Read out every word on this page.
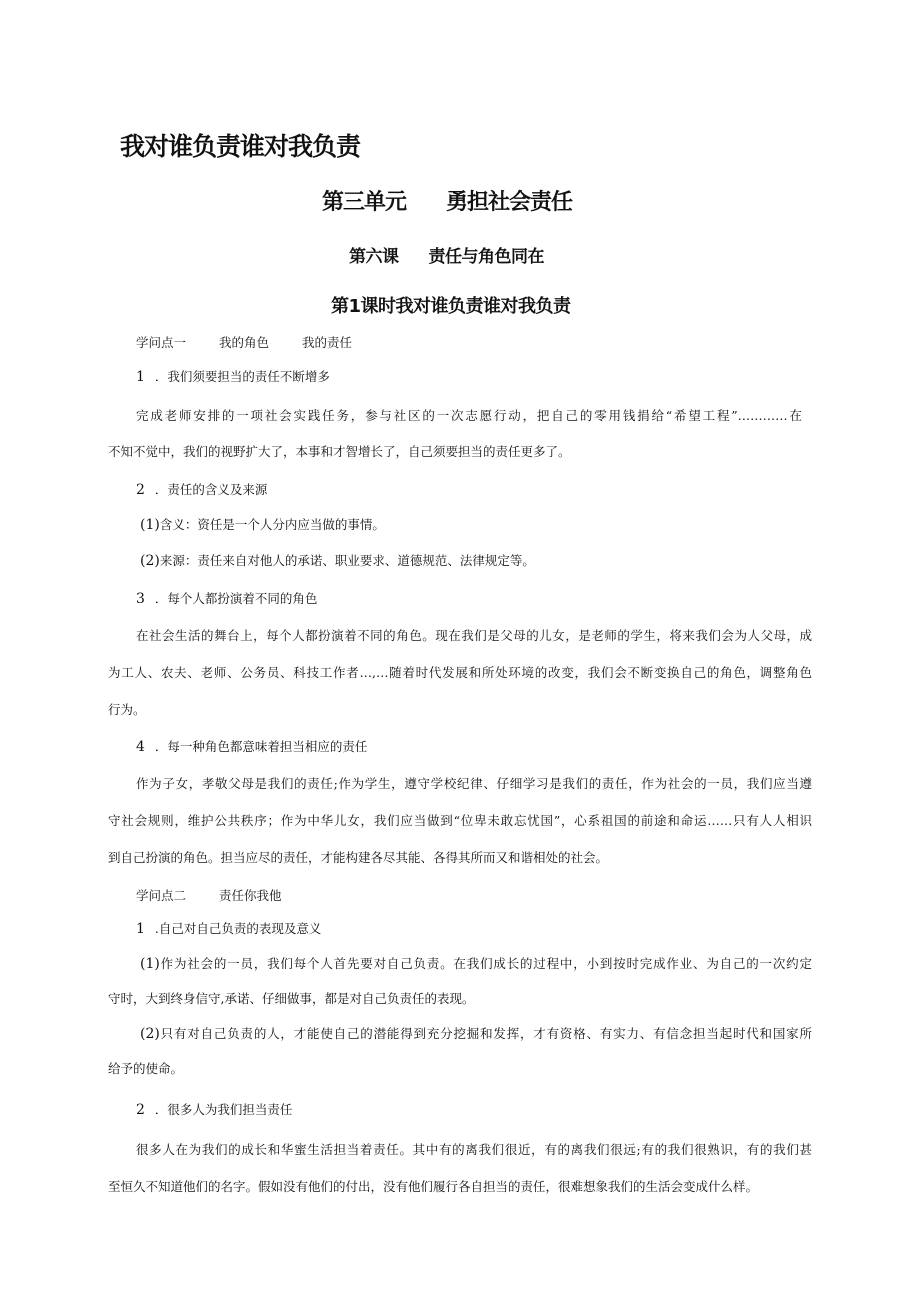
我对谁负责谁对我负责
第三单元 勇担社会责任
第六课 责任与角色同在
第1课时我对谁负责谁对我负责
学问点一	我的角色	我的责任
1 ．我们须要担当的责任不断增多
完成老师安排的一项社会实践任务，参与社区的一次志愿行动，把自己的零用钱捐给“希望工程”…………在
不知不觉中，我们的视野扩大了，本事和才智增长了，自己须要担当的责任更多了。
2 ．责任的含义及来源
(1)含义：资任是一个人分内应当做的事情。
(2)来源：责任来自对他人的承诺、职业要求、道德规范、法律规定等。
3 ．每个人都扮演着不同的角色
在社会生活的舞台上，每个人都扮演着不同的角色。现在我们是父母的儿女，是老师的学生，将来我们会为人父母，成
为工人、农夫、老师、公务员、科技工作者…,…随着时代发展和所处环境的改变，我们会不断变换自己的角色，调整角色
行为。
4 ．每一种角色都意味着担当相应的责任
作为子女，孝敬父母是我们的责任;作为学生，遵守学校纪律、仔细学习是我们的责任，作为社会的一员，我们应当遵
守社会规则，维护公共秩序；作为中华儿女，我们应当做到“位卑未敢忘忧国”，心系祖国的前途和命运……只有人人相识
到自己扮演的角色。担当应尽的责任，才能构建各尽其能、各得其所而又和谐相处的社会。
学问点二	责任你我他
1 .自己对自己负责的表现及意义
(1)作为社会的一员，我们每个人首先要对自己负责。在我们成长的过程中，小到按时完成作业、为自己的一次约定
守时，大到终身信守,承诺、仔细做事，都是对自己负责任的表现。
(2)只有对自己负责的人，才能使自己的潜能得到充分挖掘和发挥，才有资格、有实力、有信念担当起时代和国家所
给予的使命。
2 ．很多人为我们担当责任
很多人在为我们的成长和华蜜生活担当着责任。其中有的离我们很近，有的离我们很远;有的我们很熟识，有的我们甚
至恒久不知道他们的名字。假如没有他们的付出，没有他们履行各自担当的责任，很难想象我们的生活会变成什么样。
